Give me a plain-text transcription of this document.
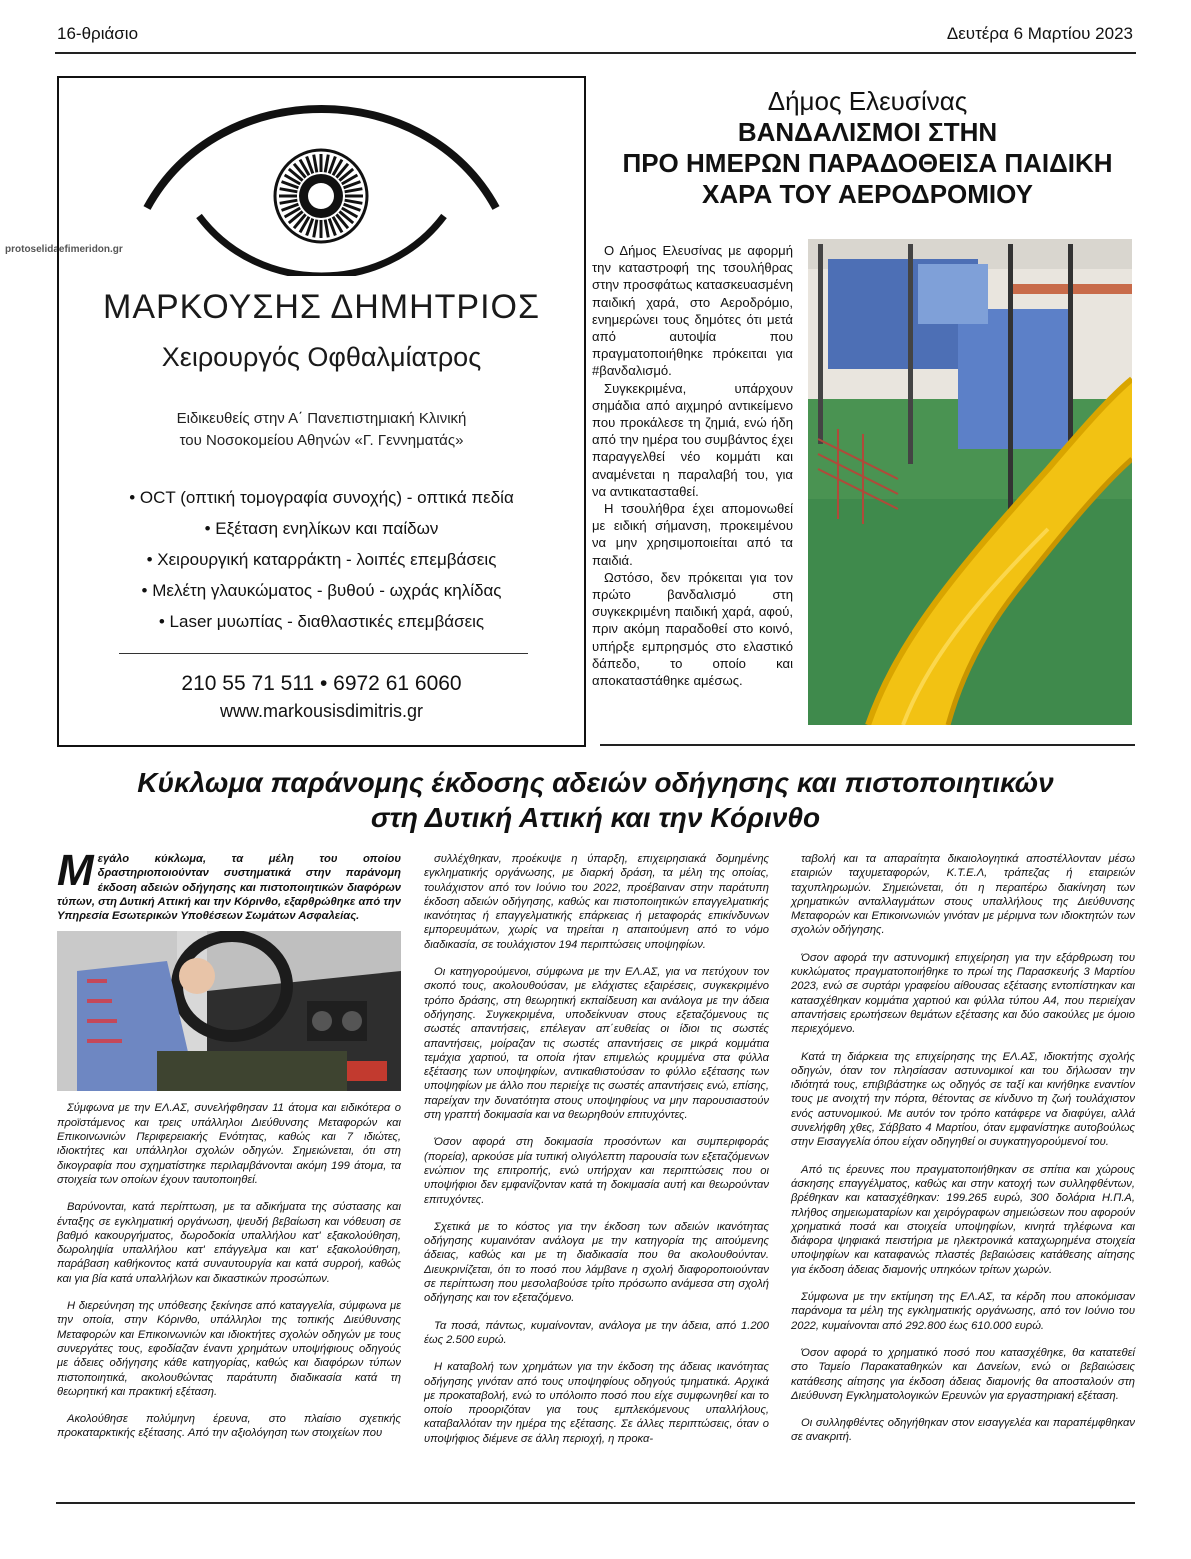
16-θριάσιο	Δευτέρα 6 Μαρτίου 2023
protoselidaefimeridon.gr
ΜΑΡΚΟΥΣΗΣ ΔΗΜΗΤΡΙΟΣ
Χειρουργός Οφθαλμίατρος
Ειδικευθείς στην Α΄ Πανεπιστημιακή Κλινική
του Νοσοκομείου Αθηνών «Γ. Γεννηματάς»
• OCT (οπτική τομογραφία συνοχής) - οπτικά πεδία
• Εξέταση ενηλίκων και παίδων
• Χειρουργική καταρράκτη - λοιπές επεμβάσεις
• Μελέτη γλαυκώματος - βυθού - ωχράς κηλίδας
• Laser μυωπίας - διαθλαστικές επεμβάσεις
210 55 71 511 • 6972 61 6060
www.markousisdimitris.gr
Δήμος Ελευσίνας
ΒΑΝΔΑΛΙΣΜΟΙ ΣΤΗΝ
ΠΡΟ ΗΜΕΡΩΝ ΠΑΡΑΔΟΘΕΙΣΑ ΠΑΙΔΙΚΗ
ΧΑΡΑ ΤΟΥ ΑΕΡΟΔΡΟΜΙΟΥ

Ο Δήμος Ελευσίνας με αφορμή την καταστροφή της τσουλήθρας στην προσφάτως κατασκευασμένη παιδική χαρά, στο Αεροδρόμιο, ενημερώνει τους δημότες ότι μετά από αυτοψία που πραγματοποιήθηκε πρόκειται για #βανδαλισμό.

Συγκεκριμένα, υπάρχουν σημάδια από αιχμηρό αντικείμενο που προκάλεσε τη ζημιά, ενώ ήδη από την ημέρα του συμβάντος έχει παραγγελθεί νέο κομμάτι και αναμένεται η παραλαβή του, για να αντικατασταθεί.

Η τσουλήθρα έχει απομονωθεί με ειδική σήμανση, προκειμένου να μην χρησιμοποιείται από τα παιδιά.

Ωστόσο, δεν πρόκειται για τον πρώτο βανδαλισμό στη συγκεκριμένη παιδική χαρά, αφού, πριν ακόμη παραδοθεί στο κοινό, υπήρξε εμπρησμός στο ελαστικό δάπεδο, το οποίο και αποκαταστάθηκε αμέσως.

Κύκλωμα παράνομης έκδοσης αδειών οδήγησης και πιστοποιητικών
στη Δυτική Αττική και την Κόρινθο
Μεγάλο κύκλωμα, τα μέλη του οποίου δραστηριοποιούνταν συστηματικά στην παράνομη έκδοση αδειών οδήγησης και πιστοποιητικών διαφόρων τύπων, στη Δυτική Αττική και την Κόρινθο, εξαρθρώθηκε από την Υπηρεσία Εσωτερικών Υποθέσεων Σωμάτων Ασφαλείας.

Σύμφωνα με την ΕΛ.ΑΣ, συνελήφθησαν 11 άτομα και ειδικότερα ο προϊστάμενος και τρεις υπάλληλοι Διεύθυνσης Μεταφορών και Επικοινωνιών Περιφερειακής Ενότητας, καθώς και 7 ιδιώτες, ιδιοκτήτες και υπάλληλοι σχολών οδηγών. Σημειώνεται, ότι στη δικογραφία που σχηματίστηκε περιλαμβάνονται ακόμη 199 άτομα, τα στοιχεία των οποίων έχουν ταυτοποιηθεί.

Βαρύνονται, κατά περίπτωση, με τα αδικήματα της σύστασης και ένταξης σε εγκληματική οργάνωση, ψευδή βεβαίωση και νόθευση σε βαθμό κακουργήματος, δωροδοκία υπαλλήλου κατ' εξακολούθηση, δωροληψία υπαλλήλου κατ' επάγγελμα και κατ' εξακολούθηση, παράβαση καθήκοντος κατά συναυτουργία και κατά συρροή, καθώς και για βία κατά υπαλλήλων και δικαστικών προσώπων.

Η διερεύνηση της υπόθεσης ξεκίνησε από καταγγελία, σύμφωνα με την οποία, στην Κόρινθο, υπάλληλοι της τοπικής Διεύθυνσης Μεταφορών και Επικοινωνιών και ιδιοκτήτες σχολών οδηγών με τους συνεργάτες τους, εφοδίαζαν έναντι χρημάτων υποψήφιους οδηγούς με άδειες οδήγησης κάθε κατηγορίας, καθώς και διαφόρων τύπων πιστοποιητικά, ακολουθώντας παράτυπη διαδικασία κατά τη θεωρητική και πρακτική εξέταση.

Ακολούθησε πολύμηνη έρευνα, στο πλαίσιο σχετικής προκαταρκτικής εξέτασης. Από την αξιολόγηση των στοιχείων που

συλλέχθηκαν, προέκυψε η ύπαρξη, επιχειρησιακά δομημένης εγκληματικής οργάνωσης, με διαρκή δράση, τα μέλη της οποίας, τουλάχιστον από τον Ιούνιο του 2022, προέβαιναν στην παράτυπη έκδοση αδειών οδήγησης, καθώς και πιστοποιητικών επαγγελματικής ικανότητας ή επαγγελματικής επάρκειας ή μεταφοράς επικίνδυνων εμπορευμάτων, χωρίς να τηρείται η απαιτούμενη από το νόμο διαδικασία, σε τουλάχιστον 194 περιπτώσεις υποψηφίων.

Οι κατηγορούμενοι, σύμφωνα με την ΕΛ.ΑΣ, για να πετύχουν τον σκοπό τους, ακολουθούσαν, με ελάχιστες εξαιρέσεις, συγκεκριμένο τρόπο δράσης, στη θεωρητική εκπαίδευση και ανάλογα με την άδεια οδήγησης. Συγκεκριμένα, υποδείκνυαν στους εξεταζόμενους τις σωστές απαντήσεις, επέλεγαν απ΄ευθείας οι ίδιοι τις σωστές απαντήσεις, μοίραζαν τις σωστές απαντήσεις σε μικρά κομμάτια τεμάχια χαρτιού, τα οποία ήταν επιμελώς κρυμμένα στα φύλλα εξέτασης των υποψηφίων, αντικαθιστούσαν το φύλλο εξέτασης των υποψηφίων με άλλο που περιείχε τις σωστές απαντήσεις ενώ, επίσης, παρείχαν την δυνατότητα στους υποψηφίους να μην παρουσιαστούν στη γραπτή δοκιμασία και να θεωρηθούν επιτυχόντες.

Όσον αφορά στη δοκιμασία προσόντων και συμπεριφοράς (πορεία), αρκούσε μία τυπική ολιγόλεπτη παρουσία των εξεταζόμενων ενώπιον της επιτροπής, ενώ υπήρχαν και περιπτώσεις που οι υποψήφιοι δεν εμφανίζονταν κατά τη δοκιμασία αυτή και θεωρούνταν επιτυχόντες.

Σχετικά με το κόστος για την έκδοση των αδειών ικανότητας οδήγησης κυμαινόταν ανάλογα με την κατηγορία της αιτούμενης άδειας, καθώς και με τη διαδικασία που θα ακολουθούνταν. Διευκρινίζεται, ότι το ποσό που λάμβανε η σχολή διαφοροποιούνταν σε περίπτωση που μεσολαβούσε τρίτο πρόσωπο ανάμεσα στη σχολή οδήγησης και τον εξεταζόμενο.

Τα ποσά, πάντως, κυμαίνονταν, ανάλογα με την άδεια, από 1.200 έως 2.500 ευρώ.

Η καταβολή των χρημάτων για την έκδοση της άδειας ικανότητας οδήγησης γινόταν από τους υποψηφίους οδηγούς τμηματικά. Αρχικά με προκαταβολή, ενώ το υπόλοιπο ποσό που είχε συμφωνηθεί και το οποίο προοριζόταν για τους εμπλεκόμενους υπαλλήλους, καταβαλλόταν την ημέρα της εξέτασης. Σε άλλες περιπτώσεις, όταν ο υποψήφιος διέμενε σε άλλη περιοχή, η προκα-

ταβολή και τα απαραίτητα δικαιολογητικά αποστέλλονταν μέσω εταιριών ταχυμεταφορών, Κ.Τ.Ε.Λ, τράπεζας ή εταιρειών ταχυπληρωμών. Σημειώνεται, ότι η περαιτέρω διακίνηση των χρηματικών ανταλλαγμάτων στους υπαλλήλους της Διεύθυνσης Μεταφορών και Επικοινωνιών γινόταν με μέριμνα των ιδιοκτητών των σχολών οδήγησης.

Όσον αφορά την αστυνομική επιχείρηση για την εξάρθρωση του κυκλώματος πραγματοποιήθηκε το πρωί της Παρασκευής 3 Μαρτίου 2023, ενώ σε συρτάρι γραφείου αίθουσας εξέτασης εντοπίστηκαν και κατασχέθηκαν κομμάτια χαρτιού και φύλλα τύπου Α4, που περιείχαν απαντήσεις ερωτήσεων θεμάτων εξέτασης και δύο σακούλες με όμοιο περιεχόμενο.

Κατά τη διάρκεια της επιχείρησης της ΕΛ.ΑΣ, ιδιοκτήτης σχολής οδηγών, όταν τον πλησίασαν αστυνομικοί και του δήλωσαν την ιδιότητά τους, επιβιβάστηκε ως οδηγός σε ταξί και κινήθηκε εναντίον τους με ανοιχτή την πόρτα, θέτοντας σε κίνδυνο τη ζωή τουλάχιστον ενός αστυνομικού. Με αυτόν τον τρόπο κατάφερε να διαφύγει, αλλά συνελήφθη χθες, Σάββατο 4 Μαρτίου, όταν εμφανίστηκε αυτοβούλως στην Εισαγγελία όπου είχαν οδηγηθεί οι συγκατηγορούμενοί του.

Από τις έρευνες που πραγματοποιήθηκαν σε σπίτια και χώρους άσκησης επαγγέλματος, καθώς και στην κατοχή των συλληφθέντων, βρέθηκαν και κατασχέθηκαν: 199.265 ευρώ, 300 δολάρια Η.Π.Α, πλήθος σημειωματαρίων και χειρόγραφων σημειώσεων που αφορούν χρηματικά ποσά και στοιχεία υποψηφίων, κινητά τηλέφωνα και διάφορα ψηφιακά πειστήρια με ηλεκτρονικά καταχωρημένα στοιχεία υποψηφίων και καταφανώς πλαστές βεβαιώσεις κατάθεσης αίτησης για έκδοση άδειας διαμονής υπηκόων τρίτων χωρών.

Σύμφωνα με την εκτίμηση της ΕΛ.ΑΣ, τα κέρδη που αποκόμισαν παράνομα τα μέλη της εγκληματικής οργάνωσης, από τον Ιούνιο του 2022, κυμαίνονται από 292.800 έως 610.000 ευρώ.

Όσον αφορά το χρηματικό ποσό που κατασχέθηκε, θα κατατεθεί στο Ταμείο Παρακαταθηκών και Δανείων, ενώ οι βεβαιώσεις κατάθεσης αίτησης για έκδοση άδειας διαμονής θα αποσταλούν στη Διεύθυνση Εγκληματολογικών Ερευνών για εργαστηριακή εξέταση.

Οι συλληφθέντες οδηγήθηκαν στον εισαγγελέα και παραπέμφθηκαν σε ανακριτή.
